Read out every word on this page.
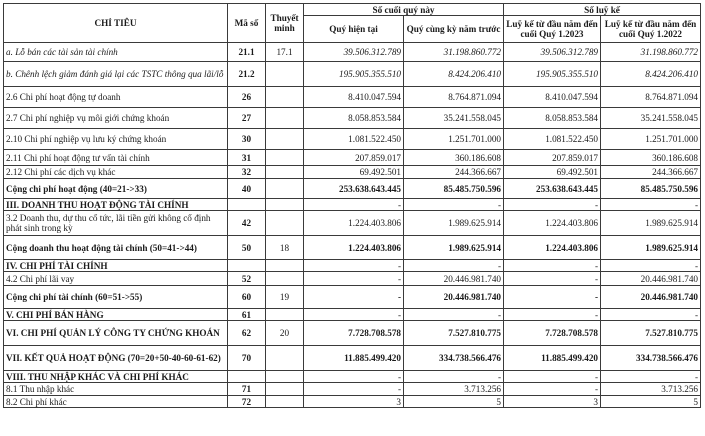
CHỈ TIÊU	Mã số	Thuyết minh	Số cuối quý này		Số luỹ kế	
			Quý hiện tại	Quý cùng kỳ năm trước	Luỹ kế từ đầu năm đến cuối Quý 1.2023	Luỹ kế từ đầu năm đến cuối Quý 1.2022
a. Lỗ bán các tài sản tài chính	21.1	17.1	39.506.312.789	31.198.860.772	39.506.312.789	31.198.860.772
b. Chênh lệch giảm đánh giá lại các TSTC thông qua lãi/lỗ	21.2		195.905.355.510	8.424.206.410	195.905.355.510	8.424.206.410
2.6 Chi phí hoạt động tự doanh	26		8.410.047.594	8.764.871.094	8.410.047.594	8.764.871.094
2.7 Chi phí nghiệp vụ môi giới chứng khoán	27		8.058.853.584	35.241.558.045	8.058.853.584	35.241.558.045
2.10 Chi phí nghiệp vụ lưu ký chứng khoán	30		1.081.522.450	1.251.701.000	1.081.522.450	1.251.701.000
2.11 Chi phí hoạt động tư vấn tài chính	31		207.859.017	360.186.608	207.859.017	360.186.608
2.12 Chi phí các dịch vụ khác	32		69.492.501	244.366.667	69.492.501	244.366.667
Cộng chi phí hoạt động (40=21->33)	40		253.638.643.445	85.485.750.596	253.638.643.445	85.485.750.596
III. DOANH THU HOẠT ĐỘNG TÀI CHÍNH			-	-	-	-
3.2 Doanh thu, dự thu cổ tức, lãi tiền gửi không cố định phát sinh trong kỳ	42		1.224.403.806	1.989.625.914	1.224.403.806	1.989.625.914
Cộng doanh thu hoạt động tài chính (50=41->44)	50	18	1.224.403.806	1.989.625.914	1.224.403.806	1.989.625.914
IV. CHI PHÍ TÀI CHÍNH			-	-	-	-
4.2 Chi phí lãi vay	52		-	20.446.981.740	-	20.446.981.740
Cộng chi phí tài chính (60=51->55)	60	19	-	20.446.981.740	-	20.446.981.740
V. CHI PHÍ BÁN HÀNG	61		-	-	-	-
VI. CHI PHÍ QUẢN LÝ CÔNG TY CHỨNG KHOÁN	62	20	7.728.708.578	7.527.810.775	7.728.708.578	7.527.810.775
VII. KẾT QUẢ HOẠT ĐỘNG (70=20+50-40-60-61-62)	70		11.885.499.420	334.738.566.476	11.885.499.420	334.738.566.476
VIII. THU NHẬP KHÁC VÀ CHI PHÍ KHÁC			-	-	-	-
8.1 Thu nhập khác	71		-	3.713.256	-	3.713.256
8.2 Chi phí khác	72		3	5	3	5
